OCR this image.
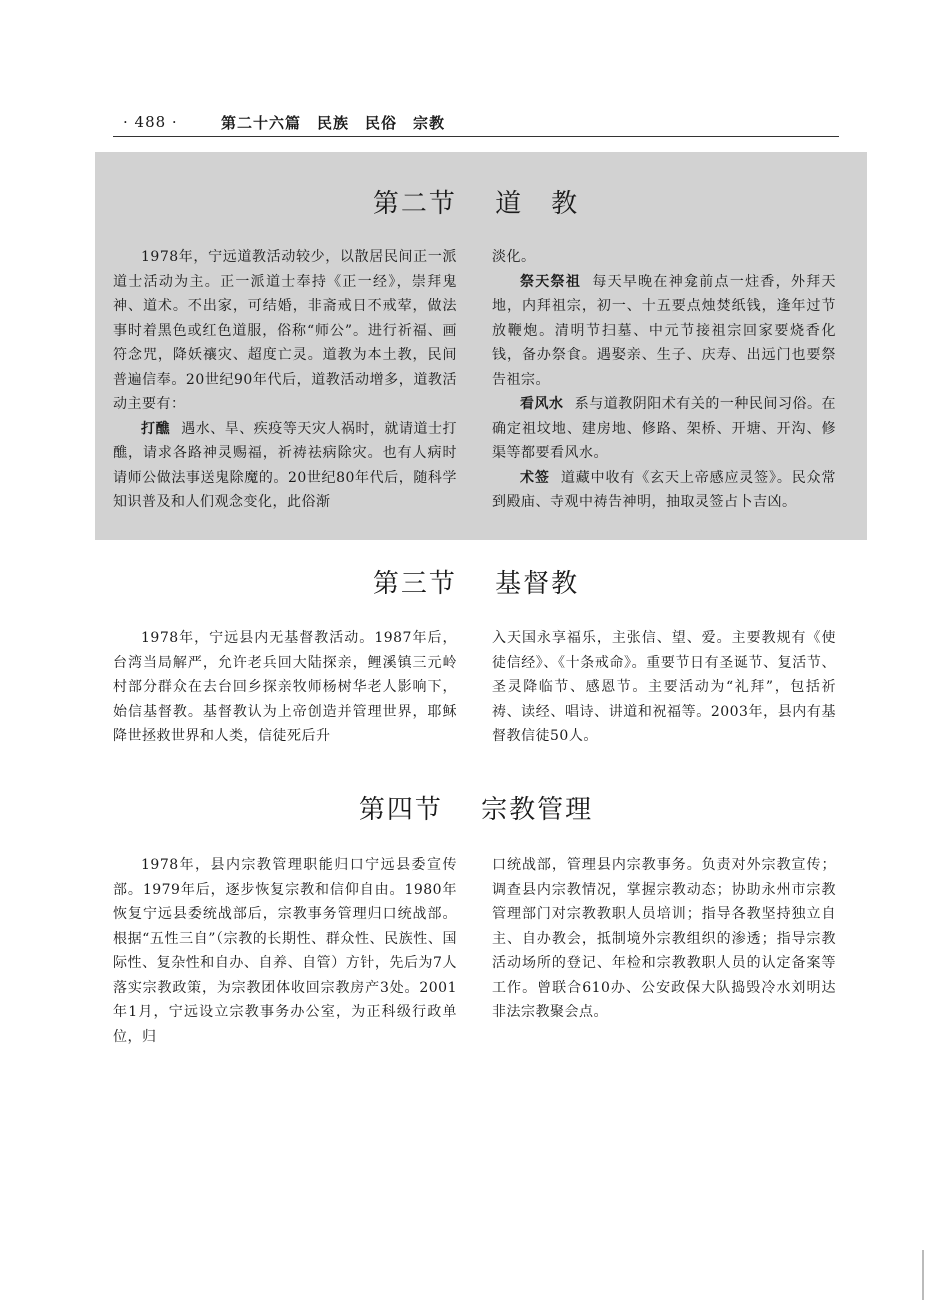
· 488 ·	第二十六篇　民族　民俗　宗教
第二节　 道　教

1978年，宁远道教活动较少，以散居民间正一派道士活动为主。正一派道士奉持《正一经》，崇拜鬼神、道术。不出家，可结婚，非斋戒日不戒荤，做法事时着黑色或红色道服，俗称“师公”。进行祈福、画符念咒，降妖禳灾、超度亡灵。道教为本土教，民间普遍信奉。20世纪90年代后，道教活动增多，道教活动主要有：

打醮 遇水、旱、疾疫等天灾人祸时，就请道士打醮，请求各路神灵赐福，祈祷祛病除灾。也有人病时请师公做法事送鬼除魔的。20世纪80年代后，随科学知识普及和人们观念变化，此俗渐

淡化。

祭天祭祖 每天早晚在神龛前点一炷香，外拜天地，内拜祖宗，初一、十五要点烛焚纸钱，逢年过节放鞭炮。清明节扫墓、中元节接祖宗回家要烧香化钱，备办祭食。遇娶亲、生子、庆寿、出远门也要祭告祖宗。

看风水 系与道教阴阳术有关的一种民间习俗。在确定祖坟地、建房地、修路、架桥、开塘、开沟、修渠等都要看风水。

术签 道藏中收有《玄天上帝感应灵签》。民众常到殿庙、寺观中祷告神明，抽取灵签占卜吉凶。

第三节　 基督教

1978年，宁远县内无基督教活动。1987年后，台湾当局解严，允许老兵回大陆探亲，鲤溪镇三元岭村部分群众在去台回乡探亲牧师杨树华老人影响下，始信基督教。基督教认为上帝创造并管理世界，耶稣降世拯救世界和人类，信徒死后升

入天国永享福乐，主张信、望、爱。主要教规有《使徒信经》、《十条戒命》。重要节日有圣诞节、复活节、圣灵降临节、感恩节。主要活动为“礼拜”，包括祈祷、读经、唱诗、讲道和祝福等。2003年，县内有基督教信徒50人。

第四节　 宗教管理

1978年，县内宗教管理职能归口宁远县委宣传部。1979年后，逐步恢复宗教和信仰自由。1980年恢复宁远县委统战部后，宗教事务管理归口统战部。根据“五性三自”（宗教的长期性、群众性、民族性、国际性、复杂性和自办、自养、自管）方针，先后为7人落实宗教政策，为宗教团体收回宗教房产3处。2001年1月，宁远设立宗教事务办公室，为正科级行政单位，归

口统战部，管理县内宗教事务。负责对外宗教宣传；调查县内宗教情况，掌握宗教动态；协助永州市宗教管理部门对宗教教职人员培训；指导各教坚持独立自主、自办教会，抵制境外宗教组织的渗透；指导宗教活动场所的登记、年检和宗教教职人员的认定备案等工作。曾联合610办、公安政保大队捣毁冷水刘明达非法宗教聚会点。
